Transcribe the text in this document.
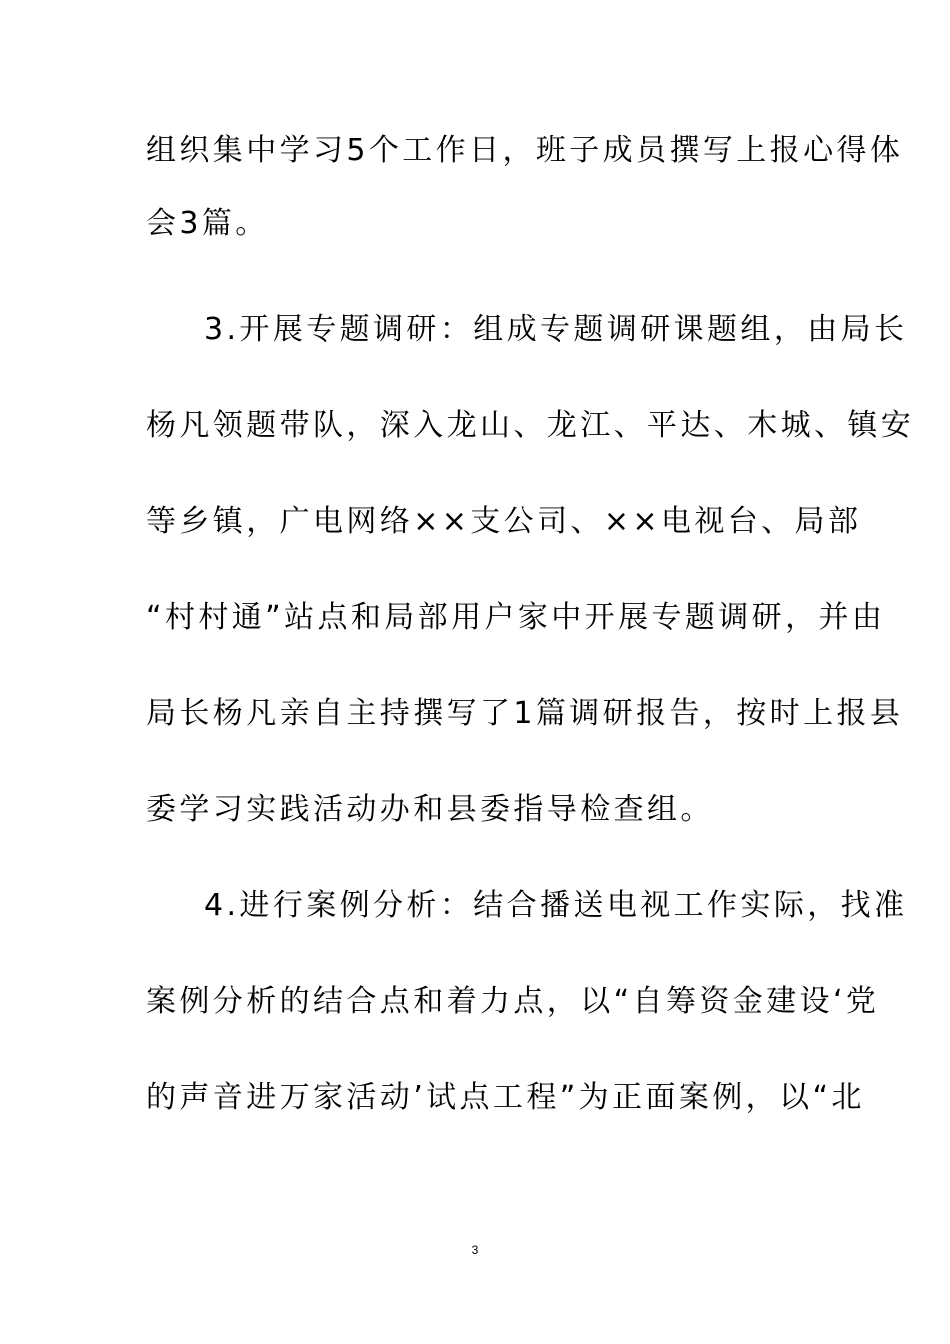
组织集中学习5个工作日，班子成员撰写上报心得体
会3篇。
3.开展专题调研：组成专题调研课题组，由局长
杨凡领题带队，深入龙山、龙江、平达、木城、镇安
等乡镇，广电网络××支公司、××电视台、局部
“村村通”站点和局部用户家中开展专题调研，并由
局长杨凡亲自主持撰写了1篇调研报告，按时上报县
委学习实践活动办和县委指导检查组。
4.进行案例分析：结合播送电视工作实际，找准
案例分析的结合点和着力点，以“自筹资金建设‘党
的声音进万家活动’试点工程”为正面案例，以“北
3
